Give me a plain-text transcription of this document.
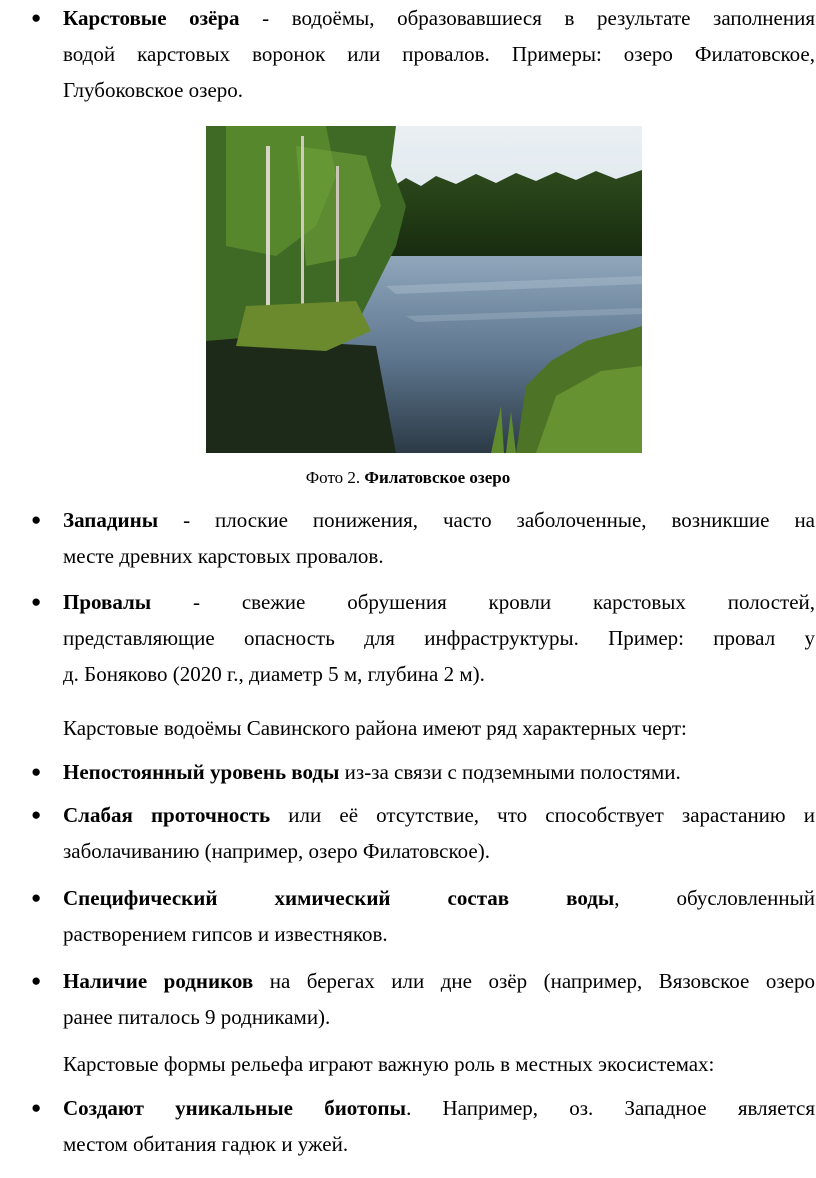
● Карстовые озёра - водоёмы, образовавшиеся в результате заполнения
водой карстовых воронок или провалов. Примеры: озеро Филатовское,
Глубоковское озеро.
Фото 2. Филатовское озеро
● Западины - плоские понижения, часто заболоченные, возникшие на
месте древних карстовых провалов.
● Провалы - свежие обрушения кровли карстовых полостей,
представляющие опасность для инфраструктуры. Пример: провал у
д. Боняково (2020 г., диаметр 5 м, глубина 2 м).
Карстовые водоёмы Савинского района имеют ряд характерных черт:
● Непостоянный уровень воды из-за связи с подземными полостями.
● Слабая проточность или её отсутствие, что способствует зарастанию и
заболачиванию (например, озеро Филатовское).
● Специфический химический состав воды, обусловленный
растворением гипсов и известняков.
● Наличие родников на берегах или дне озёр (например, Вязовское озеро
ранее питалось 9 родниками).
Карстовые формы рельефа играют важную роль в местных экосистемах:
● Создают уникальные биотопы. Например, оз. Западное является
местом обитания гадюк и ужей.
